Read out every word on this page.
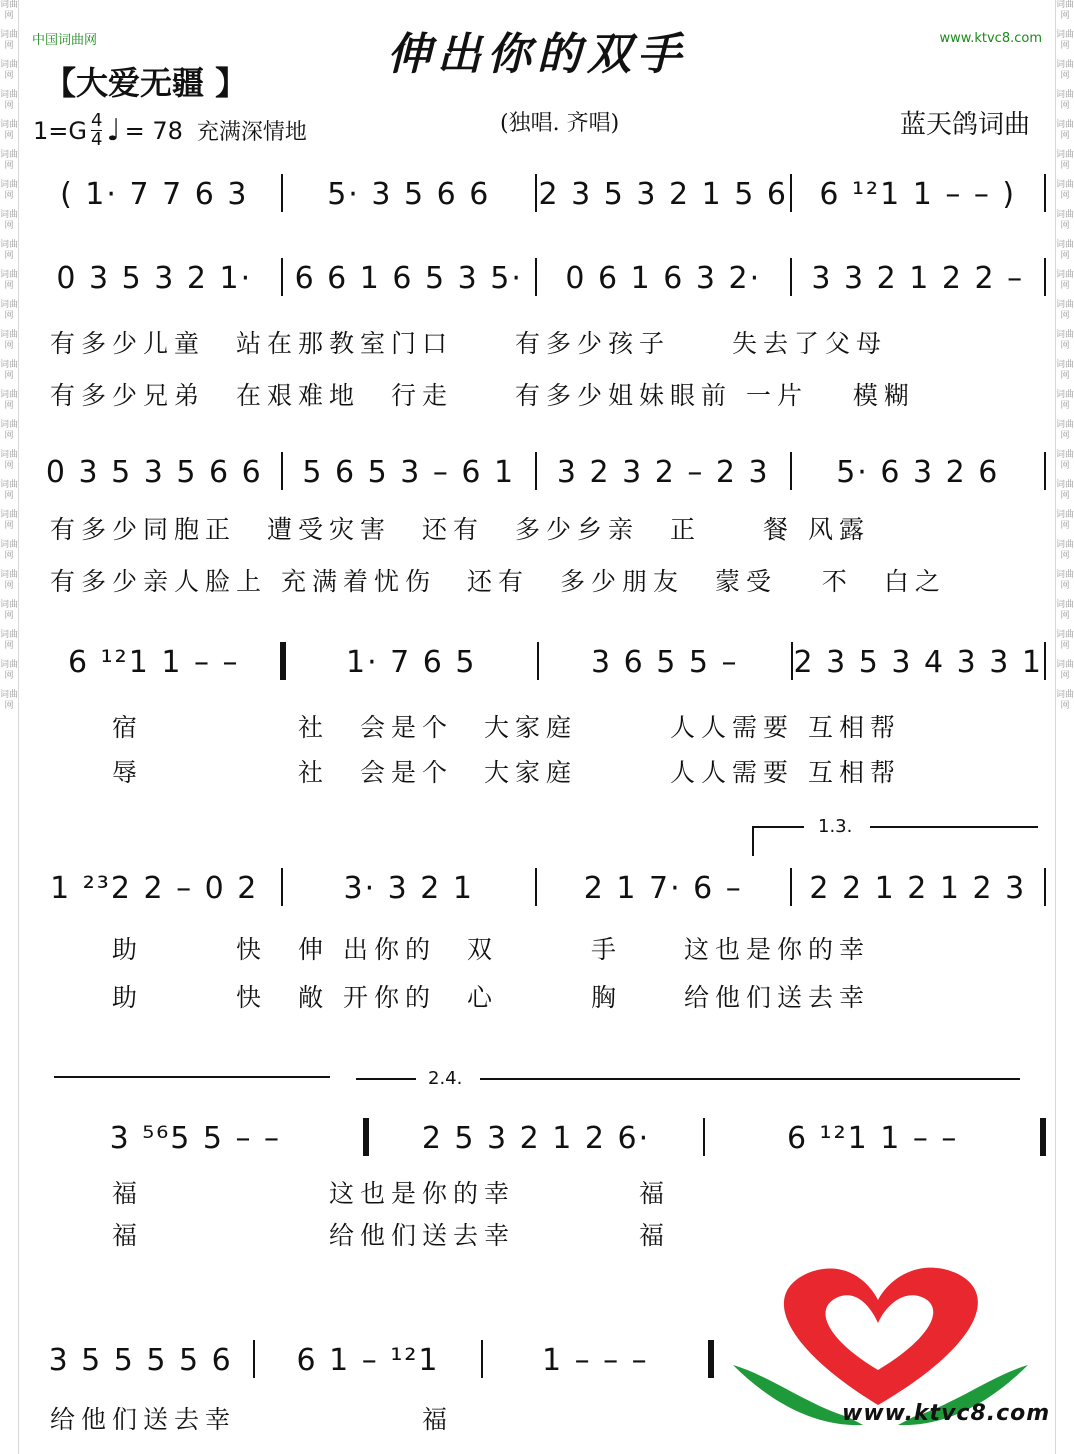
词曲网
词曲网
词曲网
词曲网
词曲网
词曲网
词曲网
词曲网
词曲网
词曲网
词曲网
词曲网
词曲网
词曲网
词曲网
词曲网
词曲网
词曲网
词曲网
词曲网
词曲网
词曲网
词曲网
词曲网
词曲网
词曲网
词曲网
词曲网
词曲网
词曲网
词曲网
词曲网
词曲网
词曲网
词曲网
词曲网
词曲网
词曲网
词曲网
词曲网
词曲网
词曲网
词曲网
词曲网
词曲网
词曲网
词曲网
词曲网
中国词曲网	www.ktvc8.com
伸出你的双手
【大爱无疆 】
$1=G \frac{4}{4}$ ♩ = 78 充满深情地	(独唱. 齐唱)	蓝天鸽词曲
( 1· 7 7 6 3	5· 3 5 6 6	2 3 5 3 2 1 5 6	6 ¹²1 1 – – )
0 3 5 3 2 1·	6 6 1 6 5 3 5·	0 6 1 6 3 2·	3 3 2 1 2 2 –
有多少儿童　站在那教室门口　　有多少孩子　　失去了父母
有多少兄弟　在艰难地　行走　　有多少姐妹眼前 一片　 模糊
0 3 5 3 5 6 6	5 6 5 3 – 6 1	3 2 3 2 – 2 3	5· 6 3 2 6
有多少同胞正　遭受灾害　还有　多少乡亲　正　　餐 风露
有多少亲人脸上 充满着忧伤　还有　多少朋友　蒙受　 不　白之
6 ¹²1 1 – –	1· 7 6 5	3 6 5 5 –	2 3 5 3 4 3 3 1
　　宿　　　　　社　会是个　大家庭　　　人人需要 互相帮
　　辱　　　　　社　会是个　大家庭　　　人人需要 互相帮
1.3.
1 ²³2 2 – 0 2	3· 3 2 1	2 1 7· 6 –	2 2 1 2 1 2 3
　　助　　　快　伸 出你的　双　　　手　　这也是你的幸
　　助　　　快　敞 开你的　心　　　胸　　给他们送去幸
2.4.
3 ⁵⁶5 5 – –	2 5 3 2 1 2 6·	6 ¹²1 1 – –
　　福　　　　　　这也是你的幸　　　　福
　　福　　　　　　给他们送去幸　　　　福
3 5 5 5 5 6	6 1 – ¹²1	1 – – –
给他们送去幸　　　　　　福	www.ktvc8.com
